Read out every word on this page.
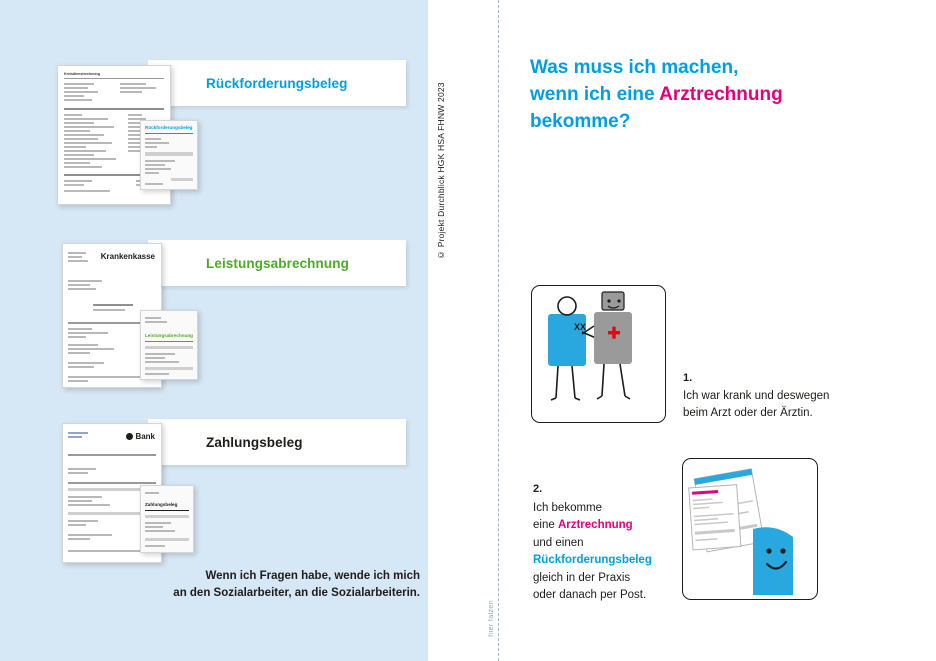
© Projekt Durchblick HGK HSA FHNW 2023
hier falzen
Rückforderungsbeleg
Kreisdienstrechnung
Rückforderungsbeleg
Leistungsabrechnung
Krankenkasse
Leistungsabrechnung
Zahlungsbeleg
Bank
Zahlungsbeleg
Wenn ich Fragen habe, wende ich mich
an den Sozialarbeiter, an die Sozialarbeiterin.
Was muss ich machen,
wenn ich eine Arztrechnung
bekomme?
XX
1.
Ich war krank und deswegen
beim Arzt oder der Ärztin.
2.
Ich bekomme
eine Arztrechnung
und einen
Rückforderungsbeleg
gleich in der Praxis
oder danach per Post.
